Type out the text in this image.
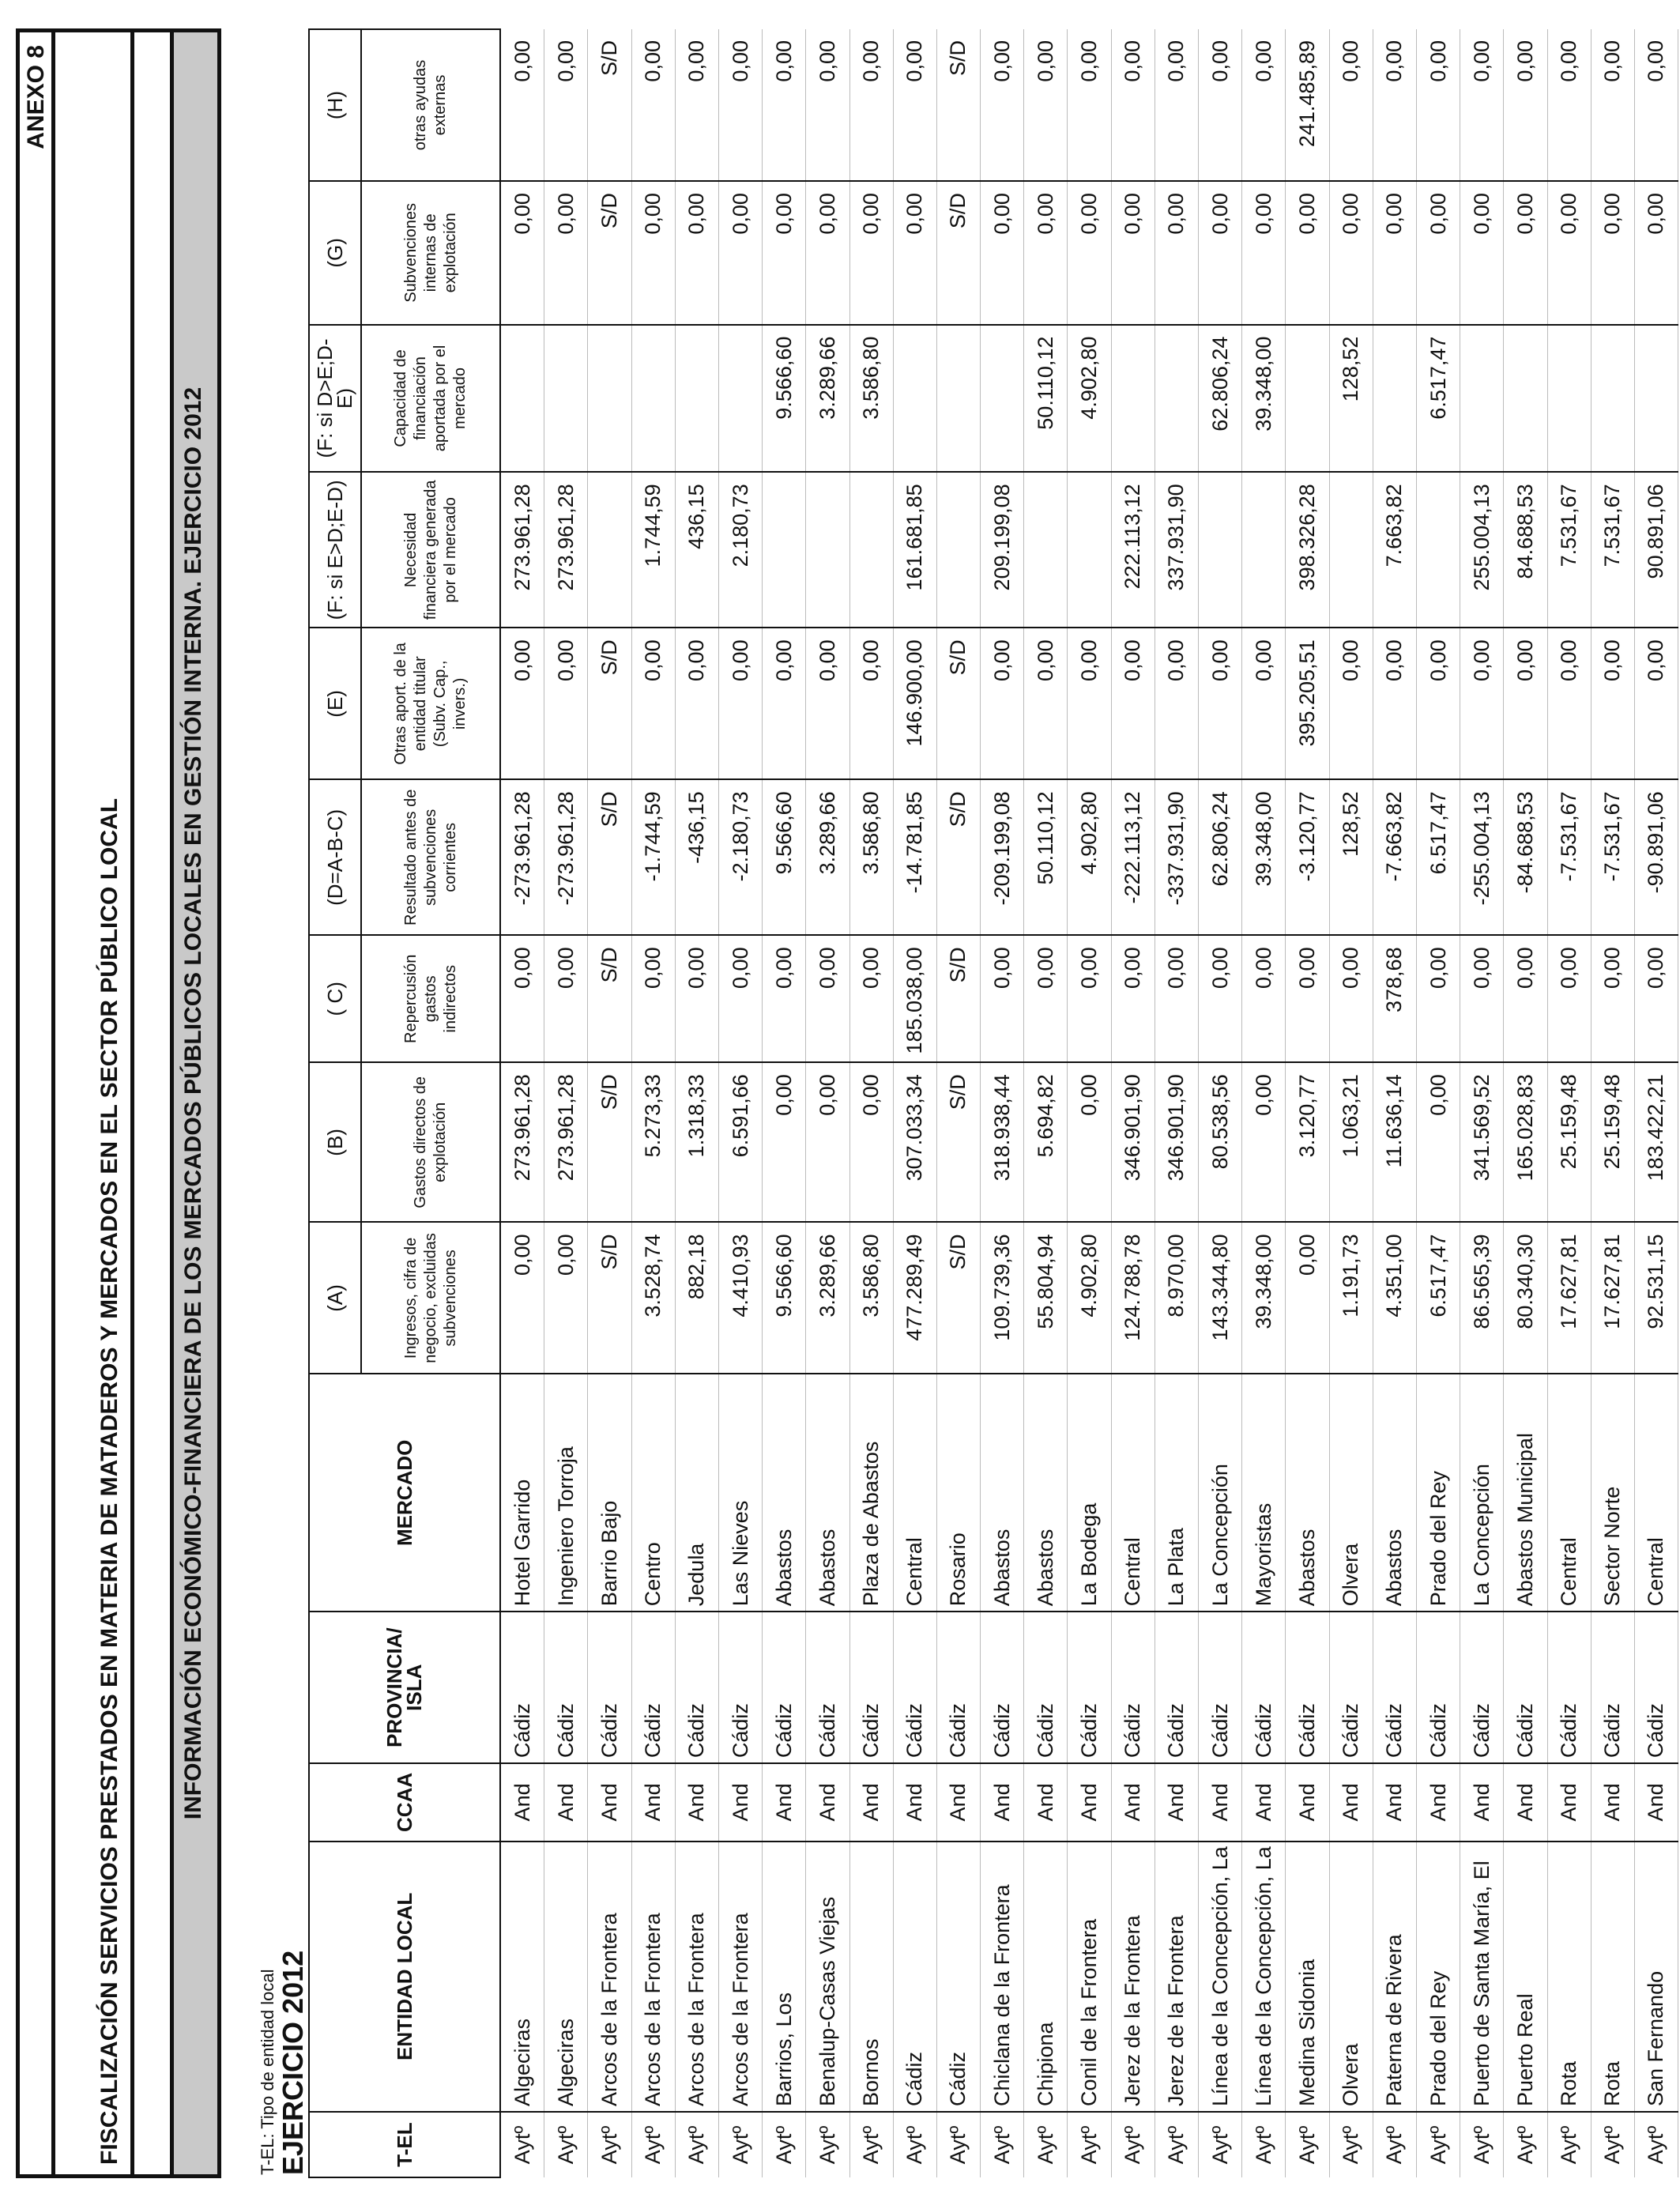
ANEXO 8
FISCALIZACIÓN SERVICIOS PRESTADOS EN MATERIA DE MATADEROS Y MERCADOS EN EL SECTOR PÚBLICO LOCAL	INFORMACIÓN ECONÓMICO-FINANCIERA DE LOS MERCADOS PÚBLICOS LOCALES EN GESTIÓN INTERNA. EJERCICIO 2012
T-EL: Tipo de entidad local EJERCICIO 2012	T-EL	ENTIDAD LOCAL	CCAA	PROVINCIA/ ISLA	MERCADO	(A)	(B)	( C)	(D=A-B-C)	(E)	(F: si E>D;E-D)	(F: si D>E;D-E)	(G)	(H)
					Ingresos, cifra de negocio, excluidas subvenciones	Gastos directos de explotación	Repercusión gastos indirectos	Resultado antes de subvenciones corrientes	Otras aport. de la entidad titular (Subv. Cap., invers.)	Necesidad financiera generada por el mercado	Capacidad de financiación aportada por el mercado	Subvenciones internas de explotación	otras ayudas externas
Aytº	Algeciras	And	Cádiz	Hotel Garrido	0,00	273.961,28	0,00	-273.961,28	0,00	273.961,28		0,00	0,00
Aytº	Algeciras	And	Cádiz	Ingeniero Torroja	0,00	273.961,28	0,00	-273.961,28	0,00	273.961,28		0,00	0,00
Aytº	Arcos de la Frontera	And	Cádiz	Barrio Bajo	S/D	S/D	S/D	S/D	S/D			S/D	S/D
Aytº	Arcos de la Frontera	And	Cádiz	Centro	3.528,74	5.273,33	0,00	-1.744,59	0,00	1.744,59		0,00	0,00
Aytº	Arcos de la Frontera	And	Cádiz	Jedula	882,18	1.318,33	0,00	-436,15	0,00	436,15		0,00	0,00
Aytº	Arcos de la Frontera	And	Cádiz	Las Nieves	4.410,93	6.591,66	0,00	-2.180,73	0,00	2.180,73		0,00	0,00
Aytº	Barrios, Los	And	Cádiz	Abastos	9.566,60	0,00	0,00	9.566,60	0,00		9.566,60	0,00	0,00
Aytº	Benalup-Casas Viejas	And	Cádiz	Abastos	3.289,66	0,00	0,00	3.289,66	0,00		3.289,66	0,00	0,00
Aytº	Bornos	And	Cádiz	Plaza de Abastos	3.586,80	0,00	0,00	3.586,80	0,00		3.586,80	0,00	0,00
Aytº	Cádiz	And	Cádiz	Central	477.289,49	307.033,34	185.038,00	-14.781,85	146.900,00	161.681,85		0,00	0,00
Aytº	Cádiz	And	Cádiz	Rosario	S/D	S/D	S/D	S/D	S/D			S/D	S/D
Aytº	Chiclana de la Frontera	And	Cádiz	Abastos	109.739,36	318.938,44	0,00	-209.199,08	0,00	209.199,08		0,00	0,00
Aytº	Chipiona	And	Cádiz	Abastos	55.804,94	5.694,82	0,00	50.110,12	0,00		50.110,12	0,00	0,00
Aytº	Conil de la Frontera	And	Cádiz	La Bodega	4.902,80	0,00	0,00	4.902,80	0,00		4.902,80	0,00	0,00
Aytº	Jerez de la Frontera	And	Cádiz	Central	124.788,78	346.901,90	0,00	-222.113,12	0,00	222.113,12		0,00	0,00
Aytº	Jerez de la Frontera	And	Cádiz	La Plata	8.970,00	346.901,90	0,00	-337.931,90	0,00	337.931,90		0,00	0,00
Aytº	Línea de la Concepción, La	And	Cádiz	La Concepción	143.344,80	80.538,56	0,00	62.806,24	0,00		62.806,24	0,00	0,00
Aytº	Línea de la Concepción, La	And	Cádiz	Mayoristas	39.348,00	0,00	0,00	39.348,00	0,00		39.348,00	0,00	0,00
Aytº	Medina Sidonia	And	Cádiz	Abastos	0,00	3.120,77	0,00	-3.120,77	395.205,51	398.326,28		0,00	241.485,89
Aytº	Olvera	And	Cádiz	Olvera	1.191,73	1.063,21	0,00	128,52	0,00		128,52	0,00	0,00
Aytº	Paterna de Rivera	And	Cádiz	Abastos	4.351,00	11.636,14	378,68	-7.663,82	0,00	7.663,82		0,00	0,00
Aytº	Prado del Rey	And	Cádiz	Prado del Rey	6.517,47	0,00	0,00	6.517,47	0,00		6.517,47	0,00	0,00
Aytº	Puerto de Santa María, El	And	Cádiz	La Concepción	86.565,39	341.569,52	0,00	-255.004,13	0,00	255.004,13		0,00	0,00
Aytº	Puerto Real	And	Cádiz	Abastos Municipal	80.340,30	165.028,83	0,00	-84.688,53	0,00	84.688,53		0,00	0,00
Aytº	Rota	And	Cádiz	Central	17.627,81	25.159,48	0,00	-7.531,67	0,00	7.531,67		0,00	0,00
Aytº	Rota	And	Cádiz	Sector Norte	17.627,81	25.159,48	0,00	-7.531,67	0,00	7.531,67		0,00	0,00
Aytº	San Fernando	And	Cádiz	Central	92.531,15	183.422,21	0,00	-90.891,06	0,00	90.891,06		0,00	0,00
